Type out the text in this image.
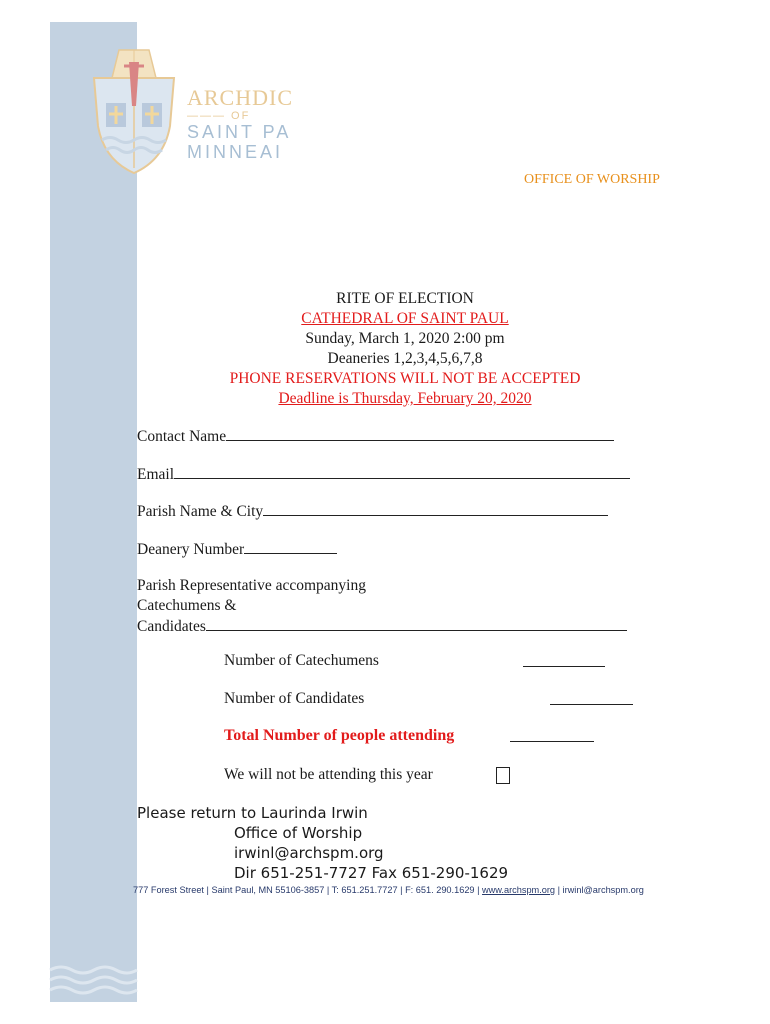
ARCHDIC
——— OF
SAINT PA
MINNEAI
OFFICE OF WORSHIP
RITE OF ELECTION
CATHEDRAL OF SAINT PAUL
Sunday, March 1, 2020 2:00 pm
Deaneries 1,2,3,4,5,6,7,8
PHONE RESERVATIONS WILL NOT BE ACCEPTED
Deadline is Thursday, February 20, 2020
Contact Name
Email
Parish Name & City
Deanery Number
Parish Representative accompanying
Catechumens &
Candidates
Number of Catechumens
Number of Candidates
Total Number of people attending
We will not be attending this year
Please return to Laurinda Irwin
Office of Worship
irwinl@archspm.org
Dir 651-251-7727 Fax 651-290-1629
777 Forest Street | Saint Paul, MN 55106-3857 | T: 651.251.7727 | F: 651. 290.1629 | www.archspm.org | irwinl@archspm.org
